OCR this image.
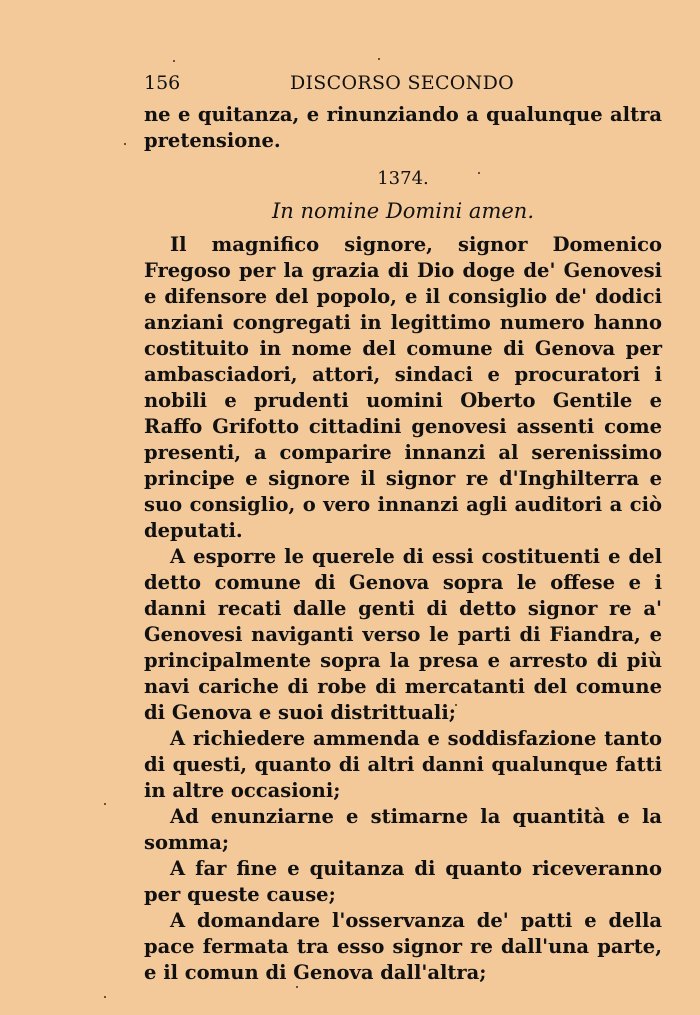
156	DISCORSO SECONDO

ne e quitanza, e rinunziando a qualunque altra pretensione.

1374.

In nomine Domini amen.

Il magnifico signore, signor Domenico Fregoso per la grazia di Dio doge de' Genovesi e difensore del popolo, e il consiglio de' dodici anziani congregati in legittimo numero hanno costituito in nome del comune di Genova per ambasciadori, attori, sindaci e procuratori i nobili e prudenti uomini Oberto Gentile e Raffo Grifotto cittadini genovesi assenti come presenti, a comparire innanzi al serenissimo principe e signore il signor re d'Inghilterra e suo consiglio, o vero innanzi agli auditori a ciò deputati.

A esporre le querele di essi costituenti e del detto comune di Genova sopra le offese e i danni recati dalle genti di detto signor re a' Genovesi naviganti verso le parti di Fiandra, e principalmente sopra la presa e arresto di più navi cariche di robe di mercatanti del comune di Genova e suoi distrittuali;

A richiedere ammenda e soddisfazione tanto di questi, quanto di altri danni qualunque fatti in altre occasioni;

Ad enunziarne e stimarne la quantità e la somma;

A far fine e quitanza di quanto riceveranno per queste cause;

A domandare l'osservanza de' patti e della pace fermata tra esso signor re dall'una parte, e il comun di Genova dall'altra;
